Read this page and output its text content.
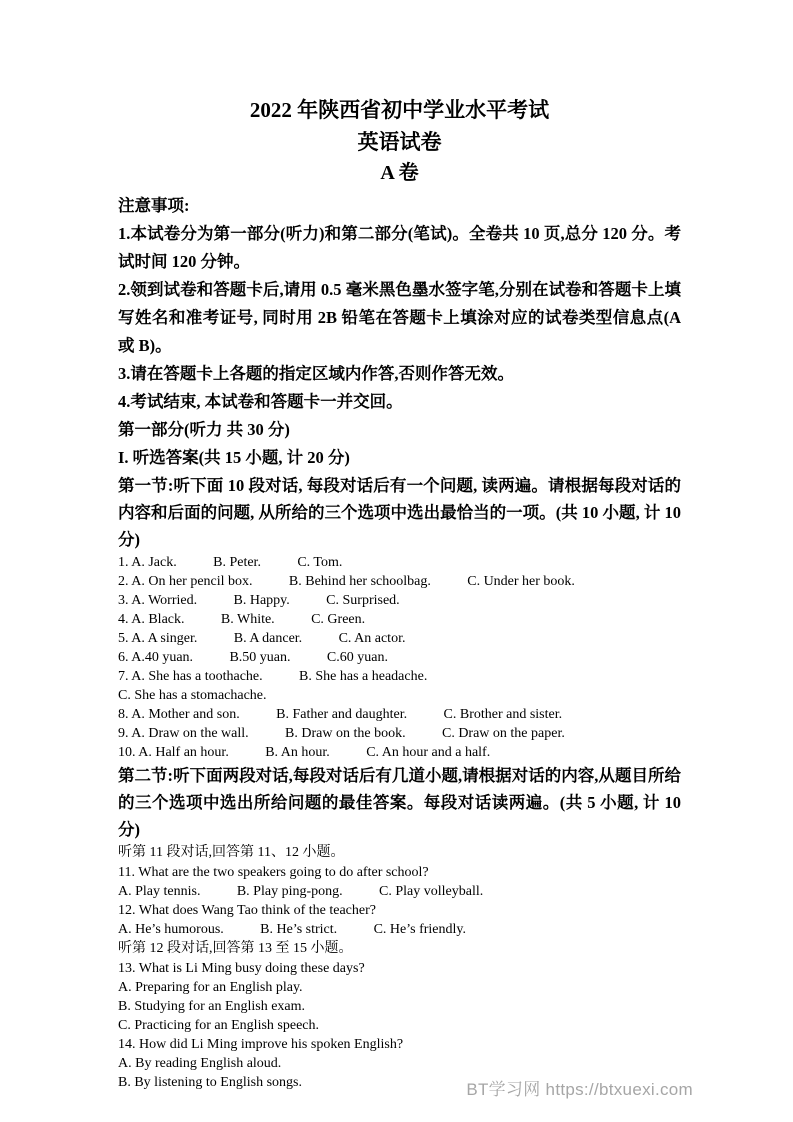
2022 年陕西省初中学业水平考试
英语试卷
A 卷
注意事项:
1.本试卷分为第一部分(听力)和第二部分(笔试)。全卷共 10 页,总分 120 分。考试时间 120 分钟。
2.领到试卷和答题卡后,请用 0.5 毫米黑色墨水签字笔,分别在试卷和答题卡上填写姓名和准考证号, 同时用 2B 铅笔在答题卡上填涂对应的试卷类型信息点(A 或 B)。
3.请在答题卡上各题的指定区域内作答,否则作答无效。
4.考试结束, 本试卷和答题卡一并交回。
第一部分(听力 共 30 分)
I. 听选答案(共 15 小题, 计 20 分)
第一节:听下面 10 段对话, 每段对话后有一个问题, 读两遍。请根据每段对话的内容和后面的问题, 从所给的三个选项中选出最恰当的一项。(共 10 小题, 计 10 分)
1. A. Jack.	B. Peter.	C. Tom.
2. A. On her pencil box.	B. Behind her schoolbag.	C. Under her book.
3. A. Worried.	B. Happy.	C. Surprised.
4. A. Black.	B. White.	C. Green.
5. A. A singer.	B. A dancer.	C. An actor.
6. A.40 yuan.	B.50 yuan.	C.60 yuan.
7. A. She has a toothache.	B. She has a headache.
C. She has a stomachache.
8. A. Mother and son.	B. Father and daughter.	C. Brother and sister.
9. A. Draw on the wall.	B. Draw on the book.	C. Draw on the paper.
10. A. Half an hour.	B. An hour.	C. An hour and a half.
第二节:听下面两段对话,每段对话后有几道小题,请根据对话的内容,从题目所给的三个选项中选出所给问题的最佳答案。每段对话读两遍。(共 5 小题, 计 10 分)
听第 11 段对话,回答第 11、12 小题。
11. What are the two speakers going to do after school?
A. Play tennis.	B. Play ping-pong.	C. Play volleyball.
12. What does Wang Tao think of the teacher?
A. He’s humorous.	B. He’s strict.	C. He’s friendly.
听第 12 段对话,回答第 13 至 15 小题。
13. What is Li Ming busy doing these days?
A. Preparing for an English play.
B. Studying for an English exam.
C. Practicing for an English speech.
14. How did Li Ming improve his spoken English?
A. By reading English aloud.
B. By listening to English songs.	BT学习网 https://btxuexi.com
